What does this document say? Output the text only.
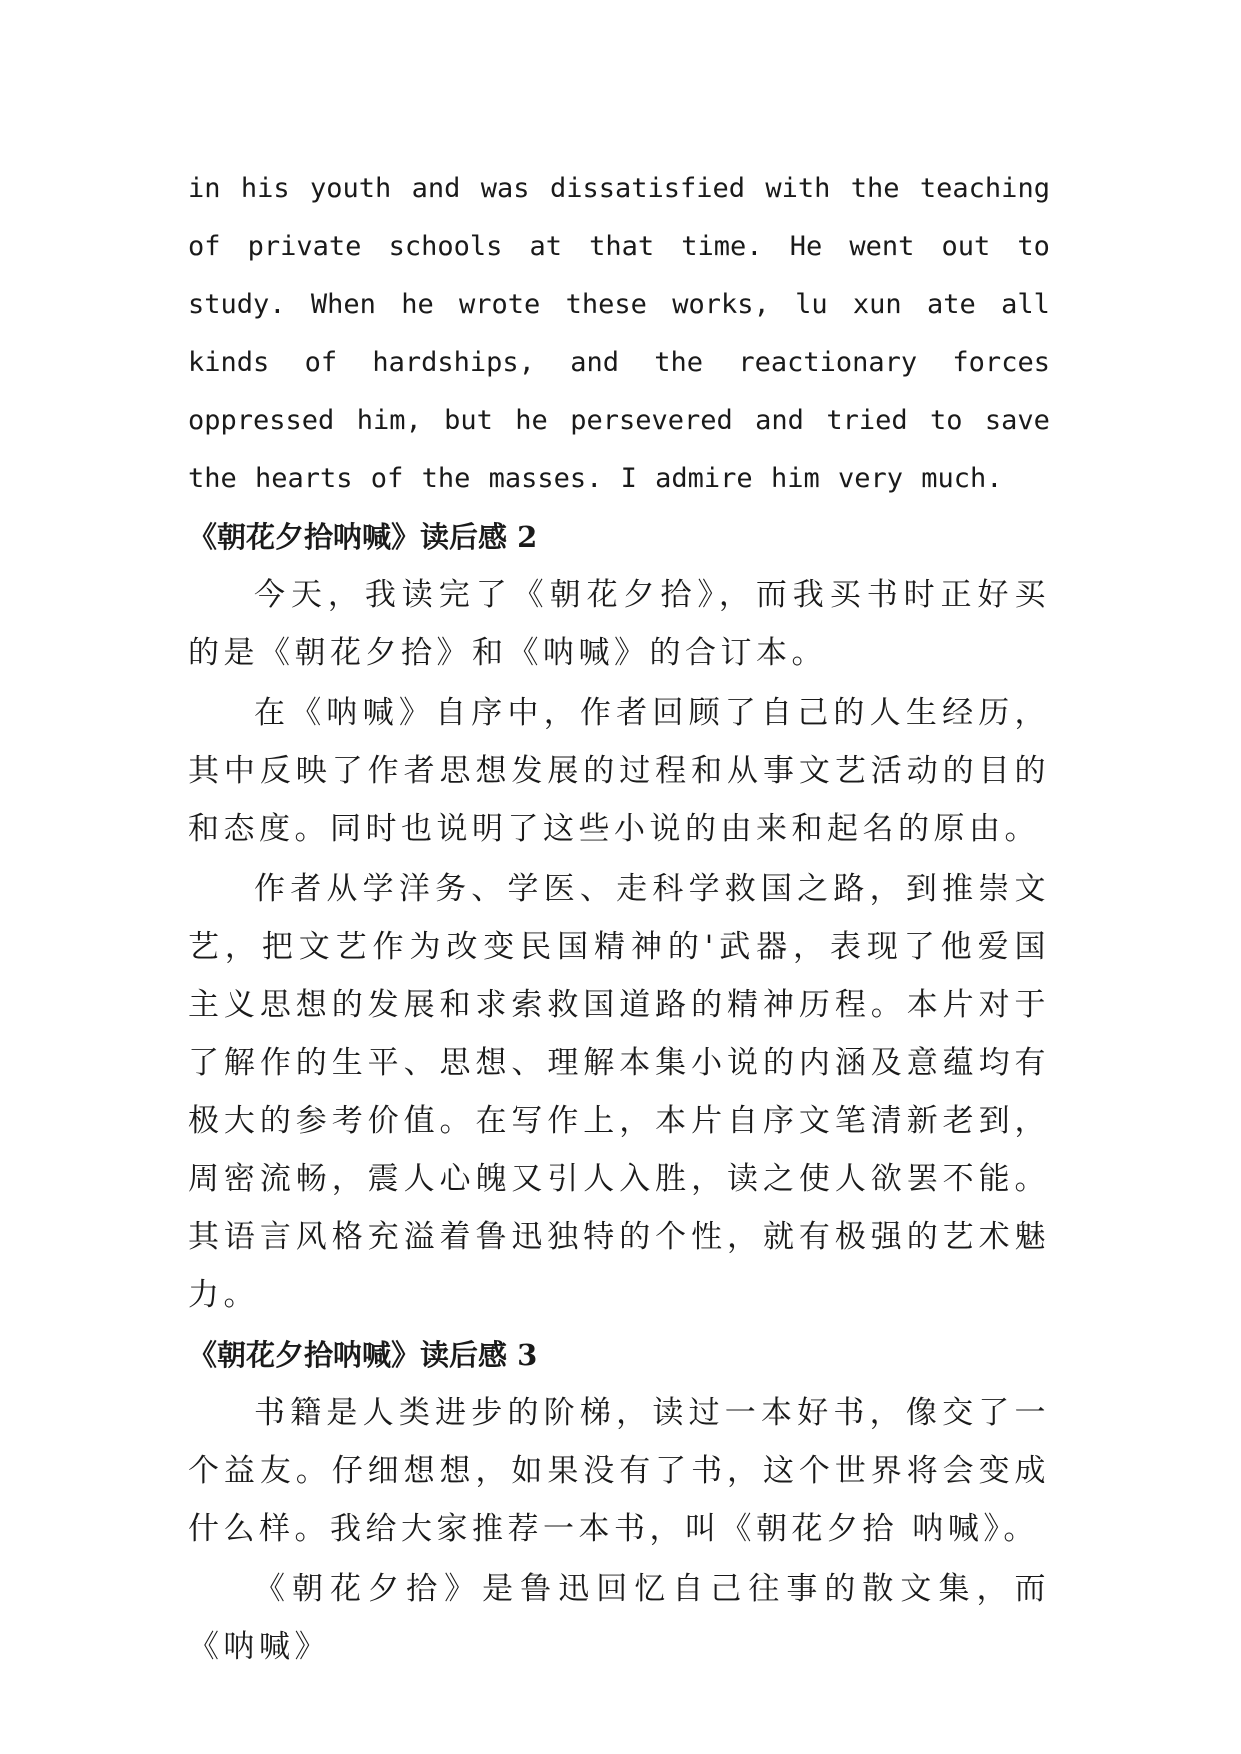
in his youth and was dissatisfied with the teaching

of private schools at that time. He went out to

study. When he wrote these works, lu xun ate all

kinds of hardships, and the reactionary forces

oppressed him, but he persevered and tried to save

the hearts of the masses. I admire him very much.

《朝花夕拾呐喊》读后感 2

今天，我读完了《朝花夕拾》，而我买书时正好买的是《朝花夕拾》和《呐喊》的合订本。

在《呐喊》自序中，作者回顾了自己的人生经历，其中反映了作者思想发展的过程和从事文艺活动的目的和态度。同时也说明了这些小说的由来和起名的原由。

作者从学洋务、学医、走科学救国之路，到推崇文艺，把文艺作为改变民国精神的'武器，表现了他爱国主义思想的发展和求索救国道路的精神历程。本片对于了解作的生平、思想、理解本集小说的内涵及意蕴均有极大的参考价值。在写作上，本片自序文笔清新老到，周密流畅，震人心魄又引人入胜，读之使人欲罢不能。其语言风格充溢着鲁迅独特的个性，就有极强的艺术魅力。

《朝花夕拾呐喊》读后感 3

书籍是人类进步的阶梯，读过一本好书，像交了一个益友。仔细想想，如果没有了书，这个世界将会变成什么样。我给大家推荐一本书，叫《朝花夕拾 呐喊》。

《朝花夕拾》是鲁迅回忆自己往事的散文集，而《呐喊》
